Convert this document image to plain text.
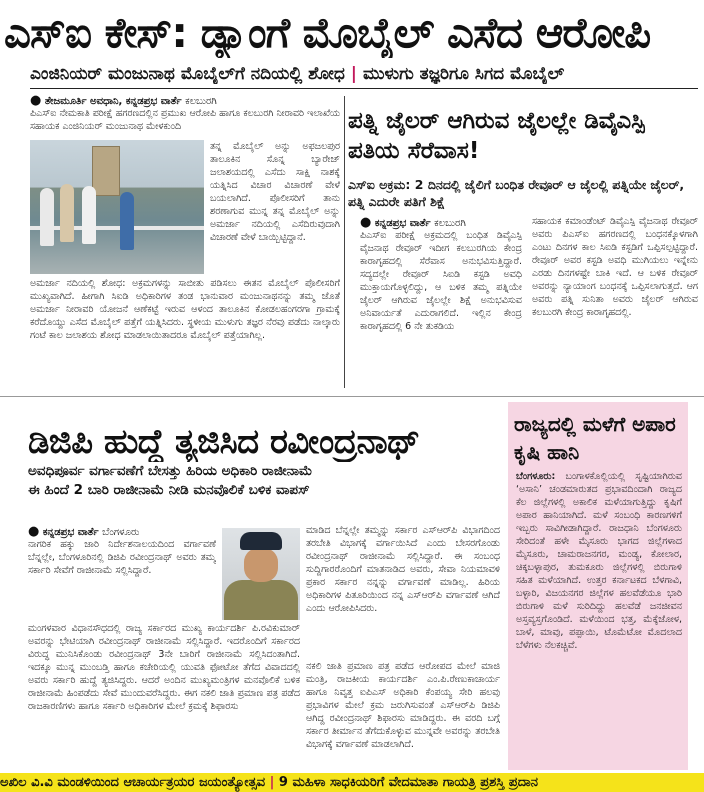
ಎಸ್‌ಐ ಕೇಸ್: ಡ್ಯಾಂಗೆ ಮೊಬೈಲ್ ಎಸೆದ ಆರೋಪಿ
ಎಂಜಿನಿಯರ್ ಮಂಜುನಾಥ ಮೊಬೈಲ್‌ಗೆ ನದಿಯಲ್ಲಿ ಶೋಧ | ಮುಳುಗು ತಜ್ಞರಿಗೂ ಸಿಗದ ಮೊಬೈಲ್
● ತೇಜಮೂರ್ತಿ ಅವಧಾನಿ, ಕನ್ನಡಪ್ರಭ ವಾರ್ತೆ ಕಲಬುರಗಿ
ಪಿಎಸ್‌ಐ ನೇಮಕಾತಿ ಪರೀಕ್ಷೆ ಹಗರಣದಲ್ಲಿನ ಪ್ರಮುಖ ಆರೋಪಿ ಹಾಗೂ ಕಲಬುರಗಿ ನೀರಾವರಿ ಇಲಾಖೆಯ ಸಹಾಯಕ ಎಂಜಿನಿಯರ್ ಮಂಜುನಾಥ ಮೇಳಕುಂದಿ
ತನ್ನ ಮೊಬೈಲ್ ಅನ್ನು ಅಫಜಲಪುರ ತಾಲೂಕಿನ ಸೊನ್ನ ಬ್ಯಾರೇಜ್ ಜಲಾಶಯದಲ್ಲಿ ಎಸೆದು ಸಾಕ್ಷಿ ನಾಶಕ್ಕೆ ಯತ್ನಿಸಿದ ವಿಚಾರ ವಿಚಾರಣೆ ವೇಳೆ ಬಯಲಾಗಿದೆ. ಪೊಲೀಸರಿಗೆ ತಾನು ಶರಣಾಗುವ ಮುನ್ನ ತನ್ನ ಮೊಬೈಲ್ ಅನ್ನು ಅಮರ್ಜಾ ನದಿಯಲ್ಲಿ ಎಸೆದಿರುವುದಾಗಿ ವಿಚಾರಣೆ ವೇಳೆ ಬಾಯ್ಬಿಟ್ಟಿದ್ದಾನೆ.
ಅಮರ್ಜಾ ನದಿಯಲ್ಲಿ ಶೋಧ: ಅಕ್ರಮಗಳನ್ನು ಸಾಬೀತು ಪಡಿಸಲು ಈತನ ಮೊಬೈಲ್ ಪೊಲೀಸರಿಗೆ ಮುಖ್ಯವಾಗಿದೆ. ಹೀಗಾಗಿ ಸಿಐಡಿ ಅಧಿಕಾರಿಗಳ ತಂಡ ಭಾನುವಾರ ಮಂಜುನಾಥನನ್ನು ತಮ್ಮ ಜೊತೆ ಅಮರ್ಜಾ ನೀರಾವರಿ ಯೋಜನೆ ಆಣೆಕಟ್ಟೆ ಇರುವ ಆಳಂದ ತಾಲೂಕಿನ ಕೋಡಲಹಂಗರಗಾ ಗ್ರಾಮಕ್ಕೆ ಕರೆದೊಯ್ದು ಎಸೆದ ಮೊಬೈಲ್ ಪತ್ತೆಗೆ ಯತ್ನಿಸಿದರು. ಸ್ಥಳೀಯ ಮುಳುಗು ತಜ್ಞರ ನೆರವು ಪಡೆದು ನಾಲ್ಕಾರು ಗಂಟೆ ಕಾಲ ಜಲಾಶಯ ಶೋಧ ಮಾಡಲಾಯಿತಾದರೂ ಮೊಬೈಲ್ ಪತ್ತೆಯಾಗಿಲ್ಲ.
ಪತ್ನಿ ಜೈಲರ್ ಆಗಿರುವ ಜೈಲಲ್ಲೇ ಡಿವೈಎಸ್ಪಿ ಪತಿಯ ಸೆರೆವಾಸ!
ಎಸ್‌ಐ ಅಕ್ರಮ: 2 ದಿನದಲ್ಲಿ ಜೈಲಿಗೆ ಬಂಧಿತ ರೇವೂರ್ ಆ ಜೈಲಲ್ಲಿ ಪತ್ನಿಯೇ ಜೈಲರ್, ಪತ್ನಿ ಎದುರೇ ಪತಿಗೆ ಶಿಕ್ಷೆ
● ಕನ್ನಡಪ್ರಭ ವಾರ್ತೆ ಕಲಬುರಗಿ
ಪಿಎಸ್‌ಐ ಪರೀಕ್ಷೆ ಅಕ್ರಮದಲ್ಲಿ ಬಂಧಿತ ಡಿವೈಎಸ್ಪಿ ವೈಜನಾಥ ರೇವೂರ್ ಇದೀಗ ಕಲಬುರಗಿಯ ಕೇಂದ್ರ ಕಾರಾಗೃಹದಲ್ಲಿ ಸೆರೆವಾಸ ಅನುಭವಿಸುತ್ತಿದ್ದಾರೆ. ಸದ್ಯದಲ್ಲೇ ರೇವೂರ್ ಸಿಐಡಿ ಕಸ್ಟಡಿ ಅವಧಿ ಮುಕ್ತಾಯಗೊಳ್ಳಲಿದ್ದು, ಆ ಬಳಿಕ ತಮ್ಮ ಪತ್ನಿಯೇ ಜೈಲರ್ ಆಗಿರುವ ಜೈಲಲ್ಲೇ ಶಿಕ್ಷೆ ಅನುಭವಿಸುವ ಅನಿವಾರ್ಯತೆ ಎದುರಾಗಲಿದೆ. ಇಲ್ಲಿನ ಕೇಂದ್ರ ಕಾರಾಗೃಹದಲ್ಲಿ 6 ನೇ ತುಕಡಿಯ
ಸಹಾಯಕ ಕಮಾಂಡೆಂಟ್ ಡಿವೈಎಸ್ಪಿ ವೈಜನಾಥ ರೇವೂರ್ ಅವರು ಪಿಎಸ್‌ಐ ಹಗರಣದಲ್ಲಿ ಬಂಧನಕ್ಕೊಳಗಾಗಿ ಎಂಟು ದಿನಗಳ ಕಾಲ ಸಿಐಡಿ ಕಸ್ಟಡಿಗೆ ಒಪ್ಪಿಸಲ್ಪಟ್ಟಿದ್ದಾರೆ. ರೇವೂರ್ ಅವರ ಕಸ್ಟಡಿ ಅವಧಿ ಮುಗಿಯಲು ಇನ್ನೇನು ಎರಡು ದಿನಗಳಷ್ಟೇ ಬಾಕಿ ಇದೆ. ಆ ಬಳಿಕ ರೇವೂರ್ ಅವರನ್ನು ನ್ಯಾಯಾಂಗ ಬಂಧನಕ್ಕೆ ಒಪ್ಪಿಸಲಾಗುತ್ತದೆ. ಆಗ ಅವರು ಪತ್ನಿ ಸುನಿತಾ ಅವರು ಜೈಲರ್ ಆಗಿರುವ ಕಲಬುರಗಿ ಕೇಂದ್ರ ಕಾರಾಗೃಹದಲ್ಲಿ.
ಡಿಜಿಪಿ ಹುದ್ದೆ ತ್ಯಜಿಸಿದ ರವೀಂದ್ರನಾಥ್
ಅವಧಿಪೂರ್ವ ವರ್ಗಾವಣೆಗೆ ಬೇಸತ್ತು ಹಿರಿಯ ಅಧಿಕಾರಿ ರಾಜೀನಾಮೆ
ಈ ಹಿಂದೆ 2 ಬಾರಿ ರಾಜೀನಾಮೆ ನೀಡಿ ಮನವೊಲಿಕೆ ಬಳಿಕ ವಾಪಸ್
● ಕನ್ನಡಪ್ರಭ ವಾರ್ತೆ ಬೆಂಗಳೂರು
ನಾಗರಿಕ ಹಕ್ಕು ಜಾರಿ ನಿರ್ದೇಶನಾಲಯದಿಂದ ವರ್ಗಾವಣೆ ಬೆನ್ನಲ್ಲೇ, ಬೆಂಗಳೂರಿನಲ್ಲಿ ಡಿಜಿಪಿ ರವೀಂದ್ರನಾಥ್ ಅವರು ತಮ್ಮ ಸರ್ಕಾರಿ ಸೇವೆಗೆ ರಾಜೀನಾಮೆ ಸಲ್ಲಿಸಿದ್ದಾರೆ.
ಮಂಗಳವಾರ ವಿಧಾನಸೌಧದಲ್ಲಿ ರಾಜ್ಯ ಸರ್ಕಾರದ ಮುಖ್ಯ ಕಾರ್ಯದರ್ಶಿ ಪಿ.ರವಿಕುಮಾರ್ ಅವರನ್ನು ಭೇಟಿಯಾಗಿ ರವೀಂದ್ರನಾಥ್ ರಾಜೀನಾಮೆ ಸಲ್ಲಿಸಿದ್ದಾರೆ. ಇದರೊಂದಿಗೆ ಸರ್ಕಾರದ ವಿರುದ್ಧ ಮುನಿಸಿಕೊಂಡು ರವೀಂದ್ರನಾಥ್ 3ನೇ ಬಾರಿಗೆ ರಾಜೀನಾಮೆ ಸಲ್ಲಿಸಿದಂತಾಗಿದೆ. ಇದಕ್ಕೂ ಮುನ್ನ ಮುಂಬಡ್ತಿ ಹಾಗೂ ಕಚೇರಿಯಲ್ಲಿ ಯುವತಿ ಫೋಟೋ ತೆಗೆದ ವಿವಾದದಲ್ಲಿ ಅವರು ಸರ್ಕಾರಿ ಹುದ್ದೆ ತ್ಯಜಿಸಿದ್ದರು. ಆದರೆ ಅಂದಿನ ಮುಖ್ಯಮಂತ್ರಿಗಳ ಮನವೊಲಿಕೆ ಬಳಿಕ ರಾಜೀನಾಮೆ ಹಿಂಪಡೆದು ಸೇವೆ ಮುಂದುವರೆಸಿದ್ದರು. ಈಗ ನಕಲಿ ಜಾತಿ ಪ್ರಮಾಣ ಪತ್ರ ಪಡೆದ ರಾಜಕಾರಣಿಗಳು ಹಾಗೂ ಸರ್ಕಾರಿ ಅಧಿಕಾರಿಗಳ ಮೇಲೆ ಕ್ರಮಕ್ಕೆ ಶಿಫಾರಸು
ಮಾಡಿದ ಬೆನ್ನಲ್ಲೇ ತಮ್ಮನ್ನು ಸರ್ಕಾರ ಎಸ್‌ಆರ್‌ಪಿ ವಿಭಾಗದಿಂದ ತರಬೇತಿ ವಿಭಾಗಕ್ಕೆ ವರ್ಗಾಯಿಸಿದೆ ಎಂದು ಬೇಸರಗೊಂಡು ರವೀಂದ್ರನಾಥ್ ರಾಜೀನಾಮೆ ಸಲ್ಲಿಸಿದ್ದಾರೆ. ಈ ಸಂಬಂಧ ಸುದ್ದಿಗಾರರೊಂದಿಗೆ ಮಾತನಾಡಿದ ಅವರು, ಸೇವಾ ನಿಯಮಾವಳಿ ಪ್ರಕಾರ ಸರ್ಕಾರ ನನ್ನನ್ನು ವರ್ಗಾವಣೆ ಮಾಡಿಲ್ಲ. ಹಿರಿಯ ಅಧಿಕಾರಿಗಳ ಪಿತೂರಿಯಿಂದ ನನ್ನ ಎಸ್‌ಆರ್‌ಪಿ ವರ್ಗಾವಣೆ ಆಗಿದೆ ಎಂದು ಆರೋಪಿಸಿದರು.
ನಕಲಿ ಜಾತಿ ಪ್ರಮಾಣ ಪತ್ರ ಪಡೆದ ಆರೋಪದ ಮೇಲೆ ಮಾಜಿ ಮಂತ್ರಿ, ರಾಜಕೀಯ ಕಾರ್ಯದರ್ಶಿ ಎಂ.ಪಿ.ರೇಣುಕಾಚಾರ್ಯ ಹಾಗೂ ನಿವೃತ್ತ ಐಪಿಎಸ್ ಅಧಿಕಾರಿ ಕೆಂಪಯ್ಯ ಸೇರಿ ಹಲವು ಪ್ರಭಾವಿಗಳ ಮೇಲೆ ಕ್ರಮ ಜರುಗಿಸುವಂತೆ ಎಸ್‌ಆರ್‌ಪಿ ಡಿಜಿಪಿ ಆಗಿದ್ದ ರವೀಂದ್ರನಾಥ್ ಶಿಫಾರಸು ಮಾಡಿದ್ದರು. ಈ ವರದಿ ಬಗ್ಗೆ ಸರ್ಕಾರ ತೀರ್ಮಾನ ತೆಗೆದುಕೊಳ್ಳುವ ಮುನ್ನವೇ ಅವರನ್ನು ತರಬೇತಿ ವಿಭಾಗಕ್ಕೆ ವರ್ಗಾವಣೆ ಮಾಡಲಾಗಿದೆ.
ರಾಜ್ಯದಲ್ಲಿ ಮಳೆಗೆ ಅಪಾರ ಕೃಷಿ ಹಾನಿ
ಬೆಂಗಳೂರು: ಬಂಗಾಳಕೊಲ್ಲಿಯಲ್ಲಿ ಸೃಷ್ಟಿಯಾಗಿರುವ ‘ಅಸಾನಿ’ ಚಂಡಮಾರುತದ ಪ್ರಭಾವದಿಂದಾಗಿ ರಾಜ್ಯದ ಕೆಲ ಜಿಲ್ಲೆಗಳಲ್ಲಿ ಅಕಾಲಿಕ ಮಳೆಯಾಗುತ್ತಿದ್ದು ಕೃಷಿಗೆ ಅಪಾರ ಹಾನಿಯಾಗಿದೆ. ಮಳೆ ಸಂಬಂಧಿ ಕಾರಣಗಳಿಗೆ ಇಬ್ಬರು ಸಾವಿಗೀಡಾಗಿದ್ದಾರೆ. ರಾಜಧಾನಿ ಬೆಂಗಳೂರು ಸೇರಿದಂತೆ ಹಳೇ ಮೈಸೂರು ಭಾಗದ ಜಿಲ್ಲೆಗಳಾದ ಮೈಸೂರು, ಚಾಮರಾಜನಗರ, ಮಂಡ್ಯ, ಕೋಲಾರ, ಚಿಕ್ಕಬಳ್ಳಾಪುರ, ತುಮಕೂರು ಜಿಲ್ಲೆಗಳಲ್ಲಿ ಬಿರುಗಾಳಿ ಸಹಿತ ಮಳೆಯಾಗಿದೆ. ಉತ್ತರ ಕರ್ನಾಟಕದ ಬೆಳಗಾವಿ, ಬಳ್ಳಾರಿ, ವಿಜಯನಗರ ಜಿಲ್ಲೆಗಳ ಹಲವೆಡೆಯೂ ಭಾರಿ ಬಿರುಗಾಳಿ ಮಳೆ ಸುರಿದಿದ್ದು ಹಲವೆಡೆ ಜನಜೀವನ ಅಸ್ತವ್ಯಸ್ತಗೊಂಡಿದೆ. ಮಳೆಯಿಂದ ಭತ್ತ, ಮೆಕ್ಕೆಜೋಳ, ಬಾಳೆ, ಮಾವು, ಪಪ್ಪಾಯಿ, ಟೊಮೆಟೋ ಮೊದಲಾದ ಬೆಳೆಗಳು ನೆಲಕಚ್ಚಿವೆ.
ಅಖಿಲ ವಿ.ವಿ ಮಂಡಳಿಯಿಂದ ಆಚಾರ್ಯತ್ರಯರ ಜಯಂತ್ಯೋತ್ಸವ | 9 ಮಹಿಳಾ ಸಾಧಕಿಯರಿಗೆ ವೇದಮಾತಾ ಗಾಯತ್ರಿ ಪ್ರಶಸ್ತಿ ಪ್ರದಾನ
